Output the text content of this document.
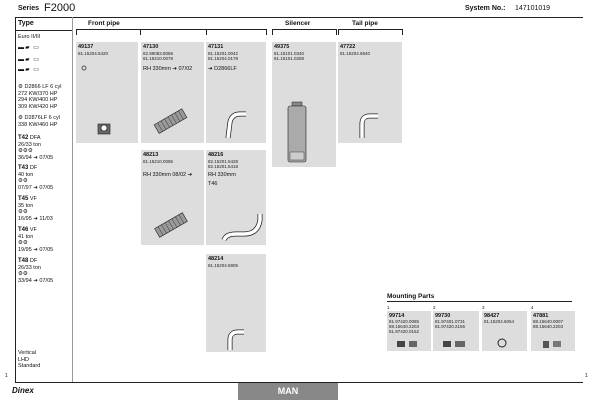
Series F2000	System No.: 147101019
Type
Euro II/III
▬▰ ▭
▬▰ ▭
▬▰ ▭
⚙ D2866 LF 6 cyl
272 KW/370 HP
294 KW/400 HP
309 KW/420 HP
⚙ D2876LF 6 cyl
338 KW/460 HP
T42 DFA
26/33 ton
⚙⚙⚙
36/94 ➔ 07/05
T43 DF
40 ton
⚙⚙
07/97 ➔ 07/05
T45 VF
35 ton
⚙⚙
16/95 ➔ 11/03
T46 VF
41 ton
⚙⚙
19/95 ➔ 07/05
T48 DF
26/33 ton
⚙⚙
33/94 ➔ 07/05
Vertical
LHD
Standard
Front pipe	Silencer	Tail pipe
49137
81.15204.5420
47130
82.99083.8086
81.15210.0078
RH 330mm ➔ 07/02
47131
81.15201.0042
81.15204.0178
➔ D2866LF
49375
81.15101.0340
81.15101.0288
47722
81.15204.5840
48213
81.15210.0085
RH 330mm 08/02 ➔
48216
82.15201.5428
82.15201.5418
RH 330mm
T46
48214
81.15204.5905
Mounting Parts
1
99714
81.97420.0085
88.15640.2203
81.97420.0152
2
99730
81.97401.0731
81.97420.2156
3
98427
81.15204.6054
4
47881
88.15640.0007
88.15640.2203
1	1
Dinex	MAN
